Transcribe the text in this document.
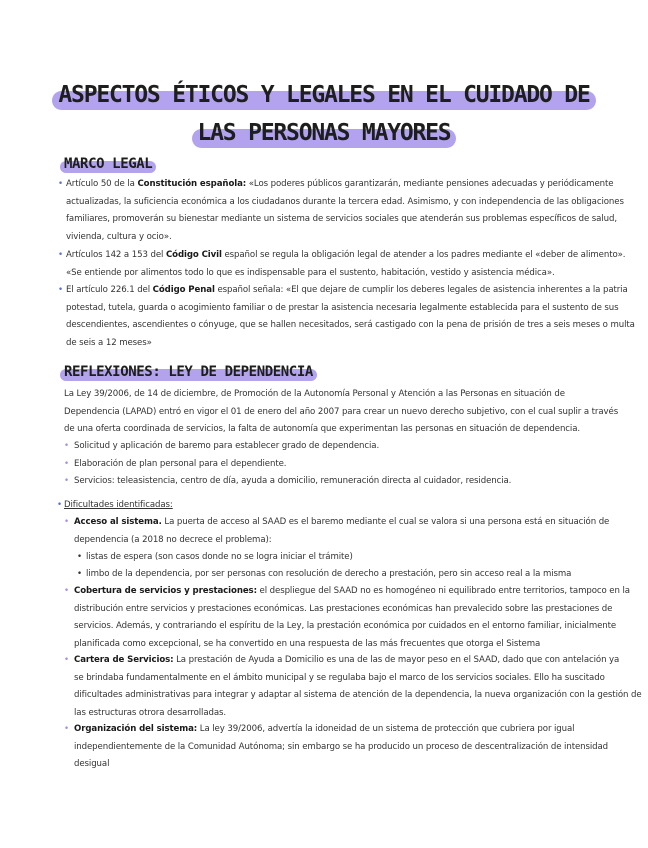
ASPECTOS ÉTICOS Y LEGALES EN EL CUIDADO DE
LAS PERSONAS MAYORES
MARCO LEGAL
• Artículo 50 de la Constitución española: «Los poderes públicos garantizarán, mediante pensiones adecuadas y periódicamente
actualizadas, la suficiencia económica a los ciudadanos durante la tercera edad. Asimismo, y con independencia de las obligaciones
familiares, promoverán su bienestar mediante un sistema de servicios sociales que atenderán sus problemas específicos de salud,
vivienda, cultura y ocio».
• Artículos 142 a 153 del Código Civil español se regula la obligación legal de atender a los padres mediante el «deber de alimento».
«Se entiende por alimentos todo lo que es indispensable para el sustento, habitación, vestido y asistencia médica».
• El artículo 226.1 del Código Penal español señala: «El que dejare de cumplir los deberes legales de asistencia inherentes a la patria
potestad, tutela, guarda o acogimiento familiar o de prestar la asistencia necesaria legalmente establecida para el sustento de sus
descendientes, ascendientes o cónyuge, que se hallen necesitados, será castigado con la pena de prisión de tres a seis meses o multa
de seis a 12 meses»
REFLEXIONES: LEY DE DEPENDENCIA
La Ley 39/2006, de 14 de diciembre, de Promoción de la Autonomía Personal y Atención a las Personas en situación de
Dependencia (LAPAD) entró en vigor el 01 de enero del año 2007 para crear un nuevo derecho subjetivo, con el cual suplir a través
de una oferta coordinada de servicios, la falta de autonomía que experimentan las personas en situación de dependencia.
• Solicitud y aplicación de baremo para establecer grado de dependencia.
• Elaboración de plan personal para el dependiente.
• Servicios: teleasistencia, centro de día, ayuda a domicilio, remuneración directa al cuidador, residencia.
• Dificultades identificadas:
• Acceso al sistema. La puerta de acceso al SAAD es el baremo mediante el cual se valora si una persona está en situación de
dependencia (a 2018 no decrece el problema):
• listas de espera (son casos donde no se logra iniciar el trámite)
• limbo de la dependencia, por ser personas con resolución de derecho a prestación, pero sin acceso real a la misma
• Cobertura de servicios y prestaciones: el despliegue del SAAD no es homogéneo ni equilibrado entre territorios, tampoco en la
distribución entre servicios y prestaciones económicas. Las prestaciones económicas han prevalecido sobre las prestaciones de
servicios. Además, y contrariando el espíritu de la Ley, la prestación económica por cuidados en el entorno familiar, inicialmente
planificada como excepcional, se ha convertido en una respuesta de las más frecuentes que otorga el Sistema
• Cartera de Servicios: La prestación de Ayuda a Domicilio es una de las de mayor peso en el SAAD, dado que con antelación ya
se brindaba fundamentalmente en el ámbito municipal y se regulaba bajo el marco de los servicios sociales. Ello ha suscitado
dificultades administrativas para integrar y adaptar al sistema de atención de la dependencia, la nueva organización con la gestión de
las estructuras otrora desarrolladas.
• Organización del sistema: La ley 39/2006, advertía la idoneidad de un sistema de protección que cubriera por igual
independientemente de la Comunidad Autónoma; sin embargo se ha producido un proceso de descentralización de intensidad
desigual
